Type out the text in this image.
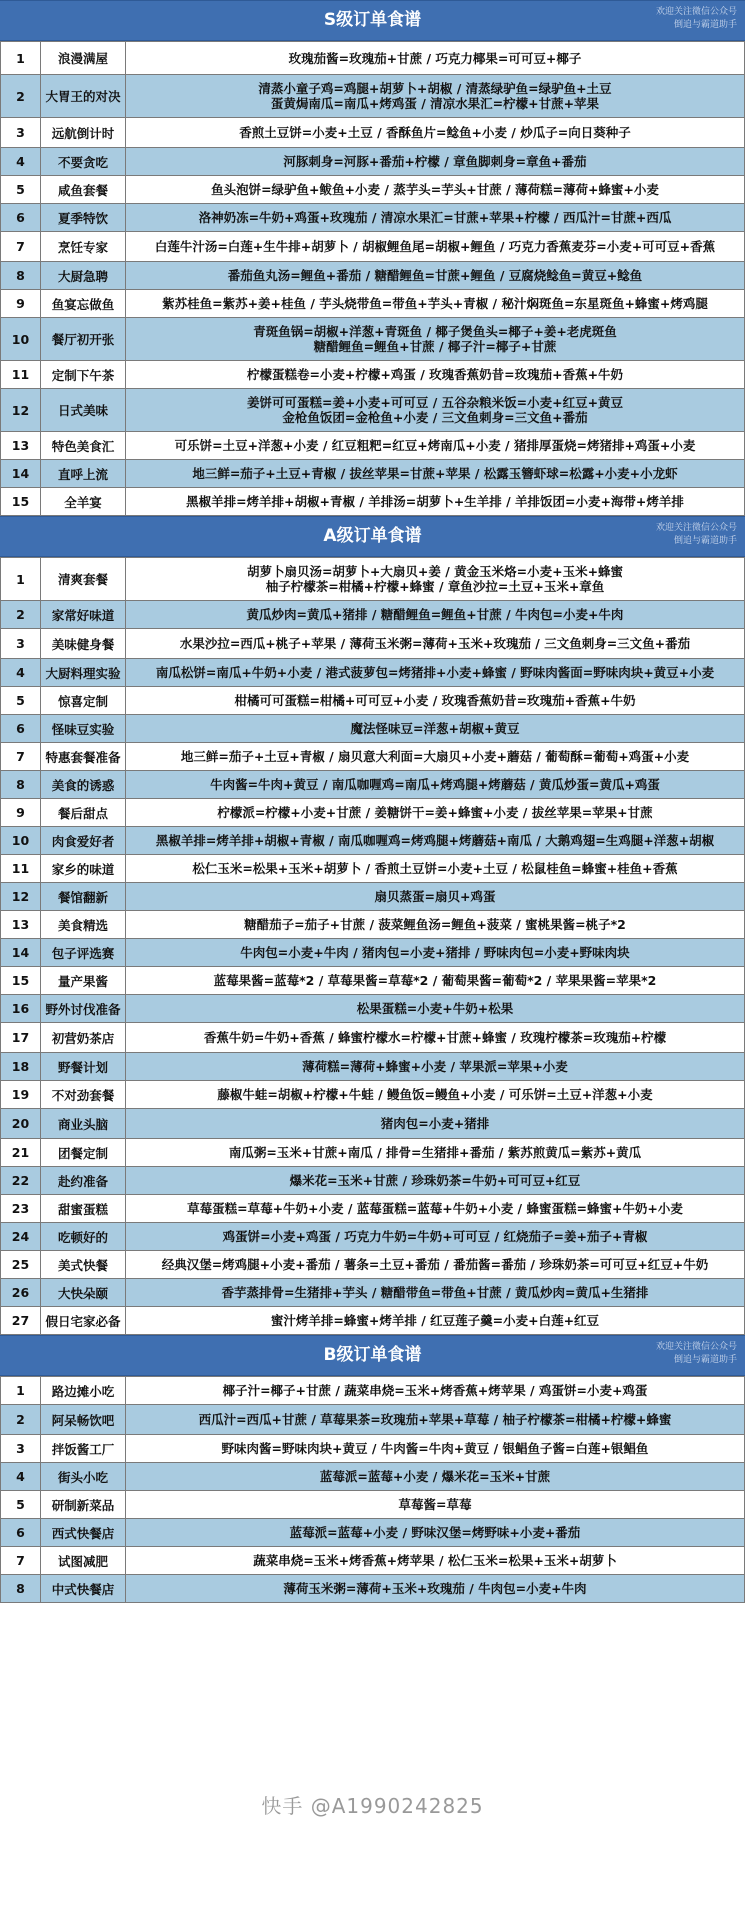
S级订单食谱	欢迎关注微信公众号
倒追与霸道助手
1	浪漫满屋	玫瑰茄酱=玫瑰茄+甘蔗 / 巧克力椰果=可可豆+椰子

2	大胃王的对决	清蒸小童子鸡=鸡腿+胡萝卜+胡椒 / 清蒸绿驴鱼=绿驴鱼+土豆
蛋黄焗南瓜=南瓜+烤鸡蛋 / 清凉水果汇=柠檬+甘蔗+苹果

3	远航倒计时	香煎土豆饼=小麦+土豆 / 香酥鱼片=鲶鱼+小麦 / 炒瓜子=向日葵种子

4	不要贪吃	河豚刺身=河豚+番茄+柠檬 / 章鱼脚刺身=章鱼+番茄

5	咸鱼套餐	鱼头泡饼=绿驴鱼+鲅鱼+小麦 / 蒸芋头=芋头+甘蔗 / 薄荷糕=薄荷+蜂蜜+小麦

6	夏季特饮	洛神奶冻=牛奶+鸡蛋+玫瑰茄 / 清凉水果汇=甘蔗+苹果+柠檬 / 西瓜汁=甘蔗+西瓜

7	烹饪专家	白莲牛汁汤=白莲+生牛排+胡萝卜 / 胡椒鲤鱼尾=胡椒+鲤鱼 / 巧克力香蕉麦芬=小麦+可可豆+香蕉

8	大厨急聘	番茄鱼丸汤=鲤鱼+番茄 / 糖醋鲤鱼=甘蔗+鲤鱼 / 豆腐烧鲶鱼=黄豆+鲶鱼

9	鱼宴忘做鱼	紫苏桂鱼=紫苏+姜+桂鱼 / 芋头烧带鱼=带鱼+芋头+青椒 / 秘汁焖斑鱼=东星斑鱼+蜂蜜+烤鸡腿

10	餐厅初开张	青斑鱼锅=胡椒+洋葱+青斑鱼 / 椰子煲鱼头=椰子+姜+老虎斑鱼
糖醋鲤鱼=鲤鱼+甘蔗 / 椰子汁=椰子+甘蔗

11	定制下午茶	柠檬蛋糕卷=小麦+柠檬+鸡蛋 / 玫瑰香蕉奶昔=玫瑰茄+香蕉+牛奶

12	日式美味	姜饼可可蛋糕=姜+小麦+可可豆 / 五谷杂粮米饭=小麦+红豆+黄豆
金枪鱼饭团=金枪鱼+小麦 / 三文鱼刺身=三文鱼+番茄

13	特色美食汇	可乐饼=土豆+洋葱+小麦 / 红豆粗粑=红豆+烤南瓜+小麦 / 猪排厚蛋烧=烤猪排+鸡蛋+小麦

14	直呼上流	地三鲜=茄子+土豆+青椒 / 拔丝苹果=甘蔗+苹果 / 松露玉簪虾球=松露+小麦+小龙虾

15	全羊宴	黑椒羊排=烤羊排+胡椒+青椒 / 羊排汤=胡萝卜+生羊排 / 羊排饭团=小麦+海带+烤羊排
A级订单食谱	欢迎关注微信公众号
倒追与霸道助手
1	清爽套餐	胡萝卜扇贝汤=胡萝卜+大扇贝+姜 / 黄金玉米烙=小麦+玉米+蜂蜜
柚子柠檬茶=柑橘+柠檬+蜂蜜 / 章鱼沙拉=土豆+玉米+章鱼

2	家常好味道	黄瓜炒肉=黄瓜+猪排 / 糖醋鲤鱼=鲤鱼+甘蔗 / 牛肉包=小麦+牛肉

3	美味健身餐	水果沙拉=西瓜+桃子+苹果 / 薄荷玉米粥=薄荷+玉米+玫瑰茄 / 三文鱼刺身=三文鱼+番茄

4	大厨料理实验	南瓜松饼=南瓜+牛奶+小麦 / 港式菠萝包=烤猪排+小麦+蜂蜜 / 野味肉酱面=野味肉块+黄豆+小麦

5	惊喜定制	柑橘可可蛋糕=柑橘+可可豆+小麦 / 玫瑰香蕉奶昔=玫瑰茄+香蕉+牛奶

6	怪味豆实验	魔法怪味豆=洋葱+胡椒+黄豆

7	特惠套餐准备	地三鲜=茄子+土豆+青椒 / 扇贝意大利面=大扇贝+小麦+蘑菇 / 葡萄酥=葡萄+鸡蛋+小麦

8	美食的诱惑	牛肉酱=牛肉+黄豆 / 南瓜咖喱鸡=南瓜+烤鸡腿+烤蘑菇 / 黄瓜炒蛋=黄瓜+鸡蛋

9	餐后甜点	柠檬派=柠檬+小麦+甘蔗 / 姜糖饼干=姜+蜂蜜+小麦 / 拔丝苹果=苹果+甘蔗

10	肉食爱好者	黑椒羊排=烤羊排+胡椒+青椒 / 南瓜咖喱鸡=烤鸡腿+烤蘑菇+南瓜 / 大鹅鸡翅=生鸡腿+洋葱+胡椒

11	家乡的味道	松仁玉米=松果+玉米+胡萝卜 / 香煎土豆饼=小麦+土豆 / 松鼠桂鱼=蜂蜜+桂鱼+香蕉

12	餐馆翻新	扇贝蒸蛋=扇贝+鸡蛋

13	美食精选	糖醋茄子=茄子+甘蔗 / 菠菜鲤鱼汤=鲤鱼+菠菜 / 蜜桃果酱=桃子*2

14	包子评选赛	牛肉包=小麦+牛肉 / 猪肉包=小麦+猪排 / 野味肉包=小麦+野味肉块

15	量产果酱	蓝莓果酱=蓝莓*2 / 草莓果酱=草莓*2 / 葡萄果酱=葡萄*2 / 苹果果酱=苹果*2

16	野外讨伐准备	松果蛋糕=小麦+牛奶+松果

17	初营奶茶店	香蕉牛奶=牛奶+香蕉 / 蜂蜜柠檬水=柠檬+甘蔗+蜂蜜 / 玫瑰柠檬茶=玫瑰茄+柠檬

18	野餐计划	薄荷糕=薄荷+蜂蜜+小麦 / 苹果派=苹果+小麦

19	不对劲套餐	藤椒牛蛙=胡椒+柠檬+牛蛙 / 鳗鱼饭=鳗鱼+小麦 / 可乐饼=土豆+洋葱+小麦

20	商业头脑	猪肉包=小麦+猪排

21	团餐定制	南瓜粥=玉米+甘蔗+南瓜 / 排骨=生猪排+番茄 / 紫苏煎黄瓜=紫苏+黄瓜

22	赴约准备	爆米花=玉米+甘蔗 / 珍珠奶茶=牛奶+可可豆+红豆

23	甜蜜蛋糕	草莓蛋糕=草莓+牛奶+小麦 / 蓝莓蛋糕=蓝莓+牛奶+小麦 / 蜂蜜蛋糕=蜂蜜+牛奶+小麦

24	吃顿好的	鸡蛋饼=小麦+鸡蛋 / 巧克力牛奶=牛奶+可可豆 / 红烧茄子=姜+茄子+青椒

25	美式快餐	经典汉堡=烤鸡腿+小麦+番茄 / 薯条=土豆+番茄 / 番茄酱=番茄 / 珍珠奶茶=可可豆+红豆+牛奶

26	大快朵颐	香芋蒸排骨=生猪排+芋头 / 糖醋带鱼=带鱼+甘蔗 / 黄瓜炒肉=黄瓜+生猪排

27	假日宅家必备	蜜汁烤羊排=蜂蜜+烤羊排 / 红豆莲子羹=小麦+白莲+红豆
B级订单食谱	欢迎关注微信公众号
倒追与霸道助手
1	路边摊小吃	椰子汁=椰子+甘蔗 / 蔬菜串烧=玉米+烤香蕉+烤苹果 / 鸡蛋饼=小麦+鸡蛋

2	阿呆畅饮吧	西瓜汁=西瓜+甘蔗 / 草莓果茶=玫瑰茄+苹果+草莓 / 柚子柠檬茶=柑橘+柠檬+蜂蜜

3	拌饭酱工厂	野味肉酱=野味肉块+黄豆 / 牛肉酱=牛肉+黄豆 / 银鲳鱼子酱=白莲+银鲳鱼

4	街头小吃	蓝莓派=蓝莓+小麦 / 爆米花=玉米+甘蔗

5	研制新菜品	草莓酱=草莓

6	西式快餐店	蓝莓派=蓝莓+小麦 / 野味汉堡=烤野味+小麦+番茄

7	试图减肥	蔬菜串烧=玉米+烤香蕉+烤苹果 / 松仁玉米=松果+玉米+胡萝卜

8	中式快餐店	薄荷玉米粥=薄荷+玉米+玫瑰茄 / 牛肉包=小麦+牛肉
快手 @A1990242825
